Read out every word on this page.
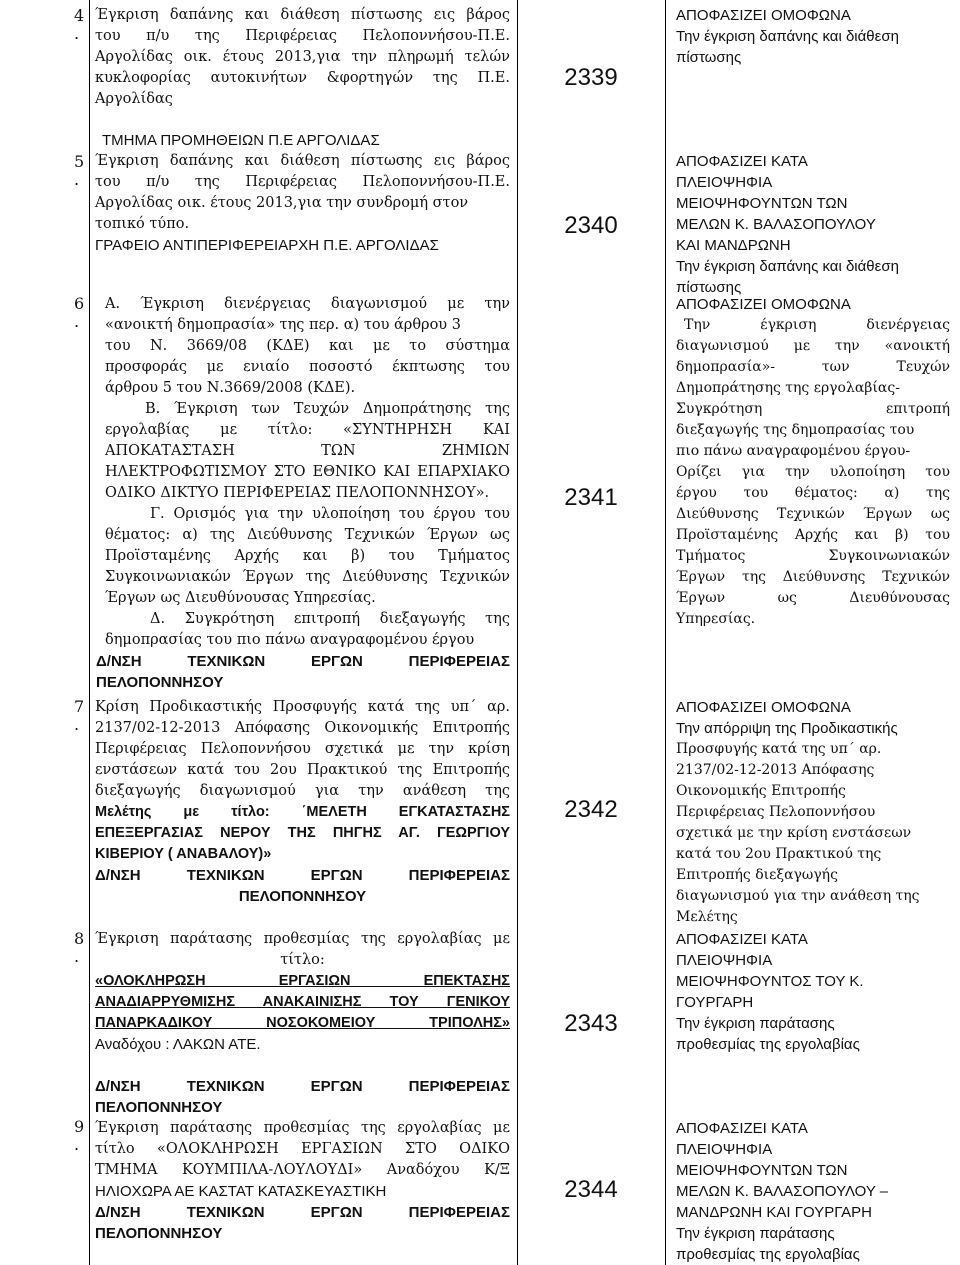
4
.
Έγκριση δαπάνης και διάθεση πίστωσης εις βάρος
του π/υ της Περιφέρειας Πελοποννήσου-Π.Ε.
Αργολίδας οικ. έτους 2013,για την πληρωμή τελών
κυκλοφορίας αυτοκινήτων &φορτηγών της Π.Ε.
Αργολίδας
2339
ΑΠΟΦΑΣΙΖΕΙ ΟΜΟΦΩΝΑ
Την έγκριση δαπάνης και διάθεση
πίστωσης
ΤΜΗΜΑ ΠΡΟΜΗΘΕΙΩΝ Π.Ε ΑΡΓΟΛΙΔΑΣ
5
.
Έγκριση δαπάνης και διάθεση πίστωσης εις βάρος
του π/υ της Περιφέρειας Πελοποννήσου-Π.Ε.
Αργολίδας οικ. έτους 2013,για την συνδρομή στον
τοπικό τύπο.
ΓΡΑΦΕΙΟ ΑΝΤΙΠΕΡΙΦΕΡΕΙΑΡΧΗ Π.Ε. ΑΡΓΟΛΙΔΑΣ
2340
ΑΠΟΦΑΣΙΖΕΙ ΚΑΤΑ
ΠΛΕΙΟΨΗΦΙΑ
ΜΕΙΟΨΗΦΟΥΝΤΩΝ ΤΩΝ
ΜΕΛΩΝ Κ. ΒΑΛΑΣΟΠΟΥΛΟΥ
ΚΑΙ ΜΑΝΔΡΩΝΗ
Την έγκριση δαπάνης και διάθεση
πίστωσης
6
.
Α. Έγκριση διενέργειας διαγωνισμού με την
«ανοικτή δημοπρασία» της περ. α) του άρθρου 3
του Ν. 3669/08 (ΚΔΕ) και με το σύστημα
προσφοράς με ενιαίο ποσοστό έκπτωσης του
άρθρου 5 του Ν.3669/2008 (ΚΔΕ).
Β. Έγκριση των Τευχών Δημοπράτησης της
εργολαβίας με τίτλο: «ΣΥΝΤΗΡΗΣΗ ΚΑΙ
ΑΠΟΚΑΤΑΣΤΑΣΗ ΤΩΝ ΖΗΜΙΩΝ
ΗΛΕΚΤΡΟΦΩΤΙΣΜΟΥ ΣΤΟ ΕΘΝΙΚΟ ΚΑΙ ΕΠΑΡΧΙΑΚΟ
ΟΔΙΚΟ ΔΙΚΤΥΟ ΠΕΡΙΦΕΡΕΙΑΣ ΠΕΛΟΠΟΝΝΗΣΟΥ».
Γ. Ορισμός για την υλοποίηση του έργου του
θέματος: α) της Διεύθυνσης Τεχνικών Έργων ως
Προϊσταμένης Αρχής και β) του Τμήματος
Συγκοινωνιακών Έργων της Διεύθυνσης Τεχνικών
Έργων ως Διευθύνουσας Υπηρεσίας.
Δ. Συγκρότηση επιτροπή διεξαγωγής της
δημοπρασίας του πιο πάνω αναγραφομένου έργου
Δ/ΝΣΗ ΤΕΧΝΙΚΩΝ ΕΡΓΩΝ ΠΕΡΙΦΕΡΕΙΑΣ
ΠΕΛΟΠΟΝΝΗΣΟΥ
2341
ΑΠΟΦΑΣΙΖΕΙ ΟΜΟΦΩΝΑ
Την έγκριση διενέργειας
διαγωνισμού με την «ανοικτή
δημοπρασία»- των Τευχών
Δημοπράτησης της εργολαβίας-
Συγκρότηση επιτροπή
διεξαγωγής της δημοπρασίας του
πιο πάνω αναγραφομένου έργου-
Ορίζει για την υλοποίηση του
έργου του θέματος: α) της
Διεύθυνσης Τεχνικών Έργων ως
Προϊσταμένης Αρχής και β) του
Τμήματος Συγκοινωνιακών
Έργων της Διεύθυνσης Τεχνικών
Έργων ως Διευθύνουσας
Υπηρεσίας.
7
.
Κρίση Προδικαστικής Προσφυγής κατά της υπ΄ αρ.
2137/02-12-2013 Απόφασης Οικονομικής Επιτροπής
Περιφέρειας Πελοποννήσου σχετικά με την κρίση
ενστάσεων κατά του 2ου Πρακτικού της Επιτροπής
διεξαγωγής διαγωνισμού για την ανάθεση της
Μελέτης με τίτλο: ΄ΜΕΛΕΤΗ ΕΓΚΑΤΑΣΤΑΣΗΣ
ΕΠΕΞΕΡΓΑΣΙΑΣ ΝΕΡΟΥ ΤΗΣ ΠΗΓΗΣ ΑΓ. ΓΕΩΡΓΙΟΥ
ΚΙΒΕΡΙΟΥ ( ΑΝΑΒΑΛΟΥ)»
Δ/ΝΣΗ ΤΕΧΝΙΚΩΝ ΕΡΓΩΝ ΠΕΡΙΦΕΡΕΙΑΣ
ΠΕΛΟΠΟΝΝΗΣΟΥ
2342
ΑΠΟΦΑΣΙΖΕΙ ΟΜΟΦΩΝΑ
Την απόρριψη της Προδικαστικής
Προσφυγής κατά της υπ΄ αρ.
2137/02-12-2013 Απόφασης
Οικονομικής Επιτροπής
Περιφέρειας Πελοποννήσου
σχετικά με την κρίση ενστάσεων
κατά του 2ου Πρακτικού της
Επιτροπής διεξαγωγής
διαγωνισμού για την ανάθεση της
Μελέτης
8
.
Έγκριση παράτασης προθεσμίας της εργολαβίας με
τίτλο:
«ΟΛΟΚΛΗΡΩΣΗ ΕΡΓΑΣΙΩΝ ΕΠΕΚΤΑΣΗΣ
ΑΝΑΔΙΑΡΡΥΘΜΙΣΗΣ ΑΝΑΚΑΙΝΙΣΗΣ ΤΟΥ ΓΕΝΙΚΟΥ
ΠΑΝΑΡΚΑΔΙΚΟΥ ΝΟΣΟΚΟΜΕΙΟΥ ΤΡΙΠΟΛΗΣ»
Αναδόχου : ΛΑΚΩΝ ΑΤΕ.
Δ/ΝΣΗ ΤΕΧΝΙΚΩΝ ΕΡΓΩΝ ΠΕΡΙΦΕΡΕΙΑΣ
ΠΕΛΟΠΟΝΝΗΣΟΥ
2343
ΑΠΟΦΑΣΙΖΕΙ ΚΑΤΑ
ΠΛΕΙΟΨΗΦΙΑ
ΜΕΙΟΨΗΦΟΥΝΤΟΣ ΤΟΥ Κ.
ΓΟΥΡΓΑΡΗ
Την έγκριση παράτασης
προθεσμίας της εργολαβίας
9
.
Έγκριση παράτασης προθεσμίας της εργολαβίας με
τίτλο «ΟΛΟΚΛΗΡΩΣΗ ΕΡΓΑΣΙΩΝ ΣΤΟ ΟΔΙΚΟ
ΤΜΗΜΑ ΚΟΥΜΠΙΛΑ-ΛΟΥΛΟΥΔΙ» Αναδόχου Κ/Ξ
ΗΛΙΟΧΩΡΑ ΑΕ ΚΑΣΤΑΤ ΚΑΤΑΣΚΕΥΑΣΤΙΚΗ
Δ/ΝΣΗ ΤΕΧΝΙΚΩΝ ΕΡΓΩΝ ΠΕΡΙΦΕΡΕΙΑΣ
ΠΕΛΟΠΟΝΝΗΣΟΥ
2344
ΑΠΟΦΑΣΙΖΕΙ ΚΑΤΑ
ΠΛΕΙΟΨΗΦΙΑ
ΜΕΙΟΨΗΦΟΥΝΤΩΝ ΤΩΝ
ΜΕΛΩΝ Κ. ΒΑΛΑΣΟΠΟΥΛΟΥ –
ΜΑΝΔΡΩΝΗ ΚΑΙ ΓΟΥΡΓΑΡΗ
Την έγκριση παράτασης
προθεσμίας της εργολαβίας
